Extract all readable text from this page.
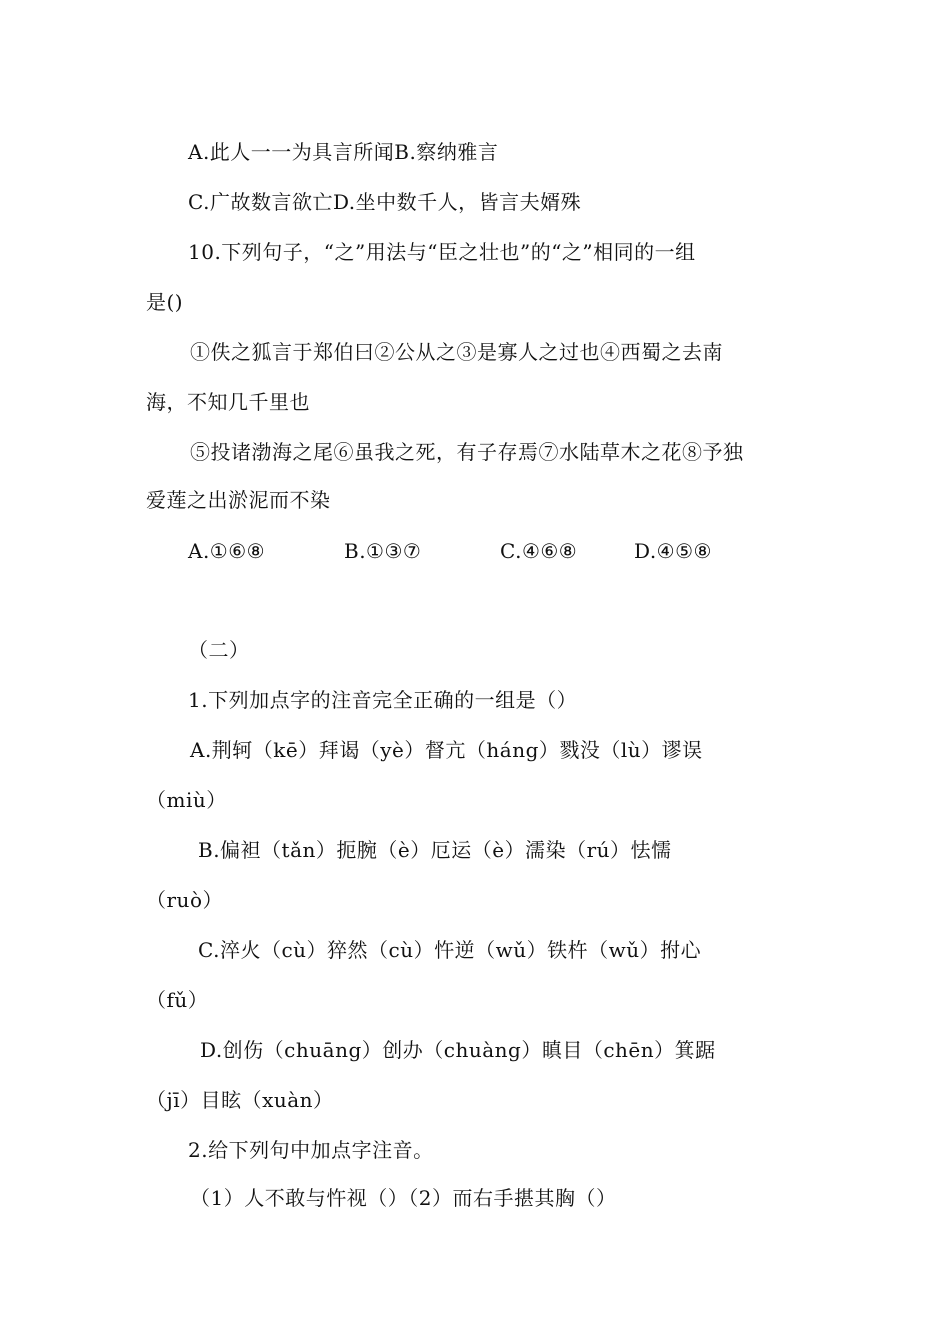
A.此人一一为具言所闻B.察纳雅言
C.广故数言欲亡D.坐中数千人，皆言夫婿殊
10.下列句子，“之”用法与“臣之壮也”的“之”相同的一组
是()
①佚之狐言于郑伯曰②公从之③是寡人之过也④西蜀之去南
海，不知几千里也
⑤投诸渤海之尾⑥虽我之死，有子存焉⑦水陆草木之花⑧予独
爱莲之出淤泥而不染
A.①⑥⑧	B.①③⑦	C.④⑥⑧	D.④⑤⑧
（二）
1.下列加点字的注音完全正确的一组是（）
A.荆轲（kē）拜谒（yè）督亢（háng）戮没（lù）谬误
（miù）
B.偏袒（tǎn）扼腕（è）厄运（è）濡染（rú）怯懦
（ruò）
C.淬火（cù）猝然（cù）忤逆（wǔ）铁杵（wǔ）拊心
（fǔ）
D.创伤（chuāng）创办（chuàng）瞋目（chēn）箕踞
（jī）目眩（xuàn）
2.给下列句中加点字注音。
（1）人不敢与忤视（）（2）而右手揕其胸（）
